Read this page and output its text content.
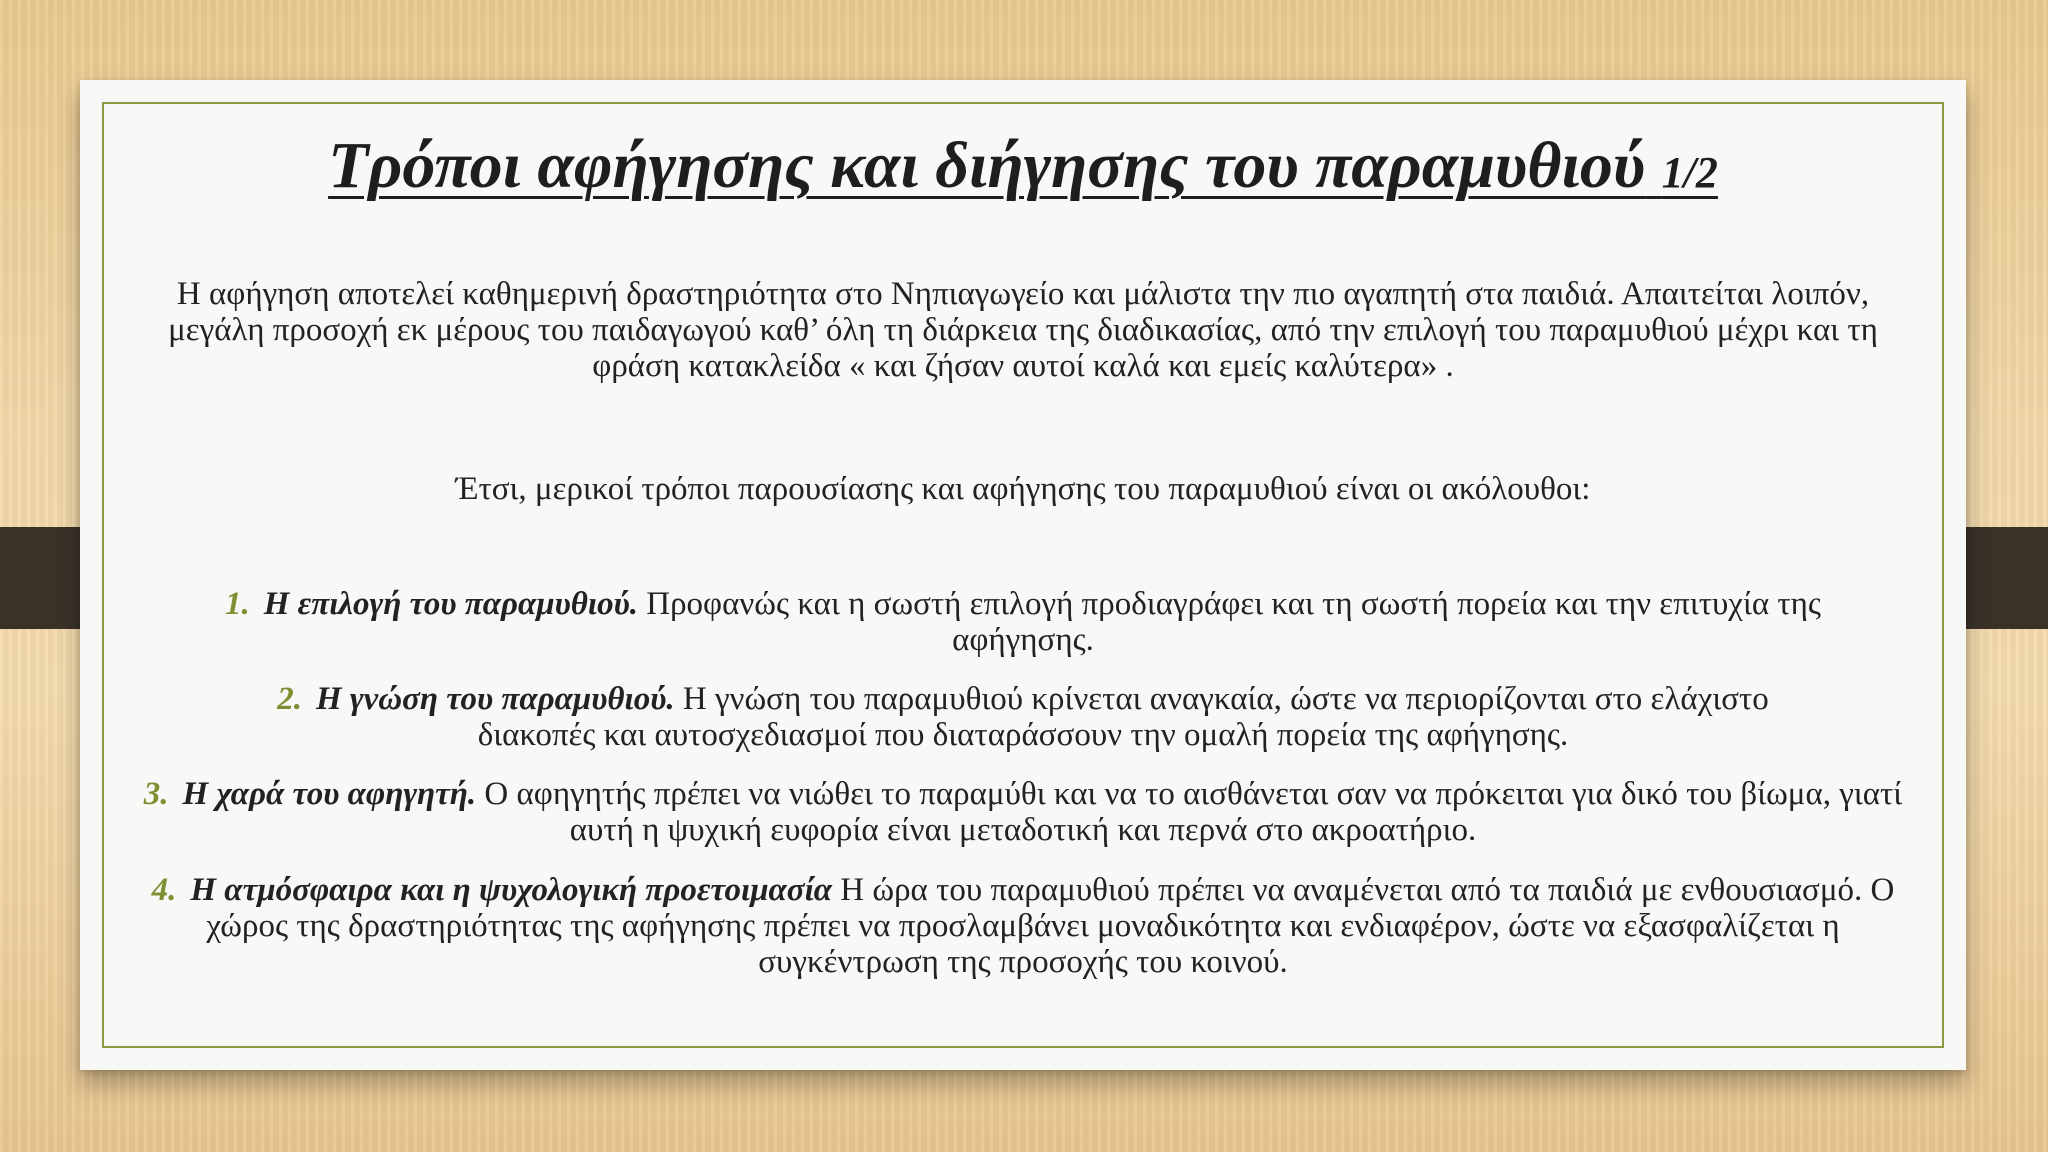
Τρόποι αφήγησης και διήγησης του παραμυθιού 1/2
Η αφήγηση αποτελεί καθημερινή δραστηριότητα στο Νηπιαγωγείο και μάλιστα την πιο αγαπητή στα παιδιά. Απαιτείται λοιπόν, μεγάλη προσοχή εκ μέρους του παιδαγωγού καθ’ όλη τη διάρκεια της διαδικασίας, από την επιλογή του παραμυθιού μέχρι και τη φράση κατακλείδα « και ζήσαν αυτοί καλά και εμείς καλύτερα» .
Έτσι, μερικοί τρόποι παρουσίασης και αφήγησης του παραμυθιού είναι οι ακόλουθοι:
1. Η επιλογή του παραμυθιού. Προφανώς και η σωστή επιλογή προδιαγράφει και τη σωστή πορεία και την επιτυχία της αφήγησης.
2. Η γνώση του παραμυθιού. Η γνώση του παραμυθιού κρίνεται αναγκαία, ώστε να περιορίζονται στο ελάχιστο διακοπές και αυτοσχεδιασμοί που διαταράσσουν την ομαλή πορεία της αφήγησης.
3. Η χαρά του αφηγητή. Ο αφηγητής πρέπει να νιώθει το παραμύθι και να το αισθάνεται σαν να πρόκειται για δικό του βίωμα, γιατί αυτή η ψυχική ευφορία είναι μεταδοτική και περνά στο ακροατήριο.
4. Η ατμόσφαιρα και η ψυχολογική προετοιμασία Η ώρα του παραμυθιού πρέπει να αναμένεται από τα παιδιά με ενθουσιασμό. Ο χώρος της δραστηριότητας της αφήγησης πρέπει να προσλαμβάνει μοναδικότητα και ενδιαφέρον, ώστε να εξασφαλίζεται η συγκέντρωση της προσοχής του κοινού.
